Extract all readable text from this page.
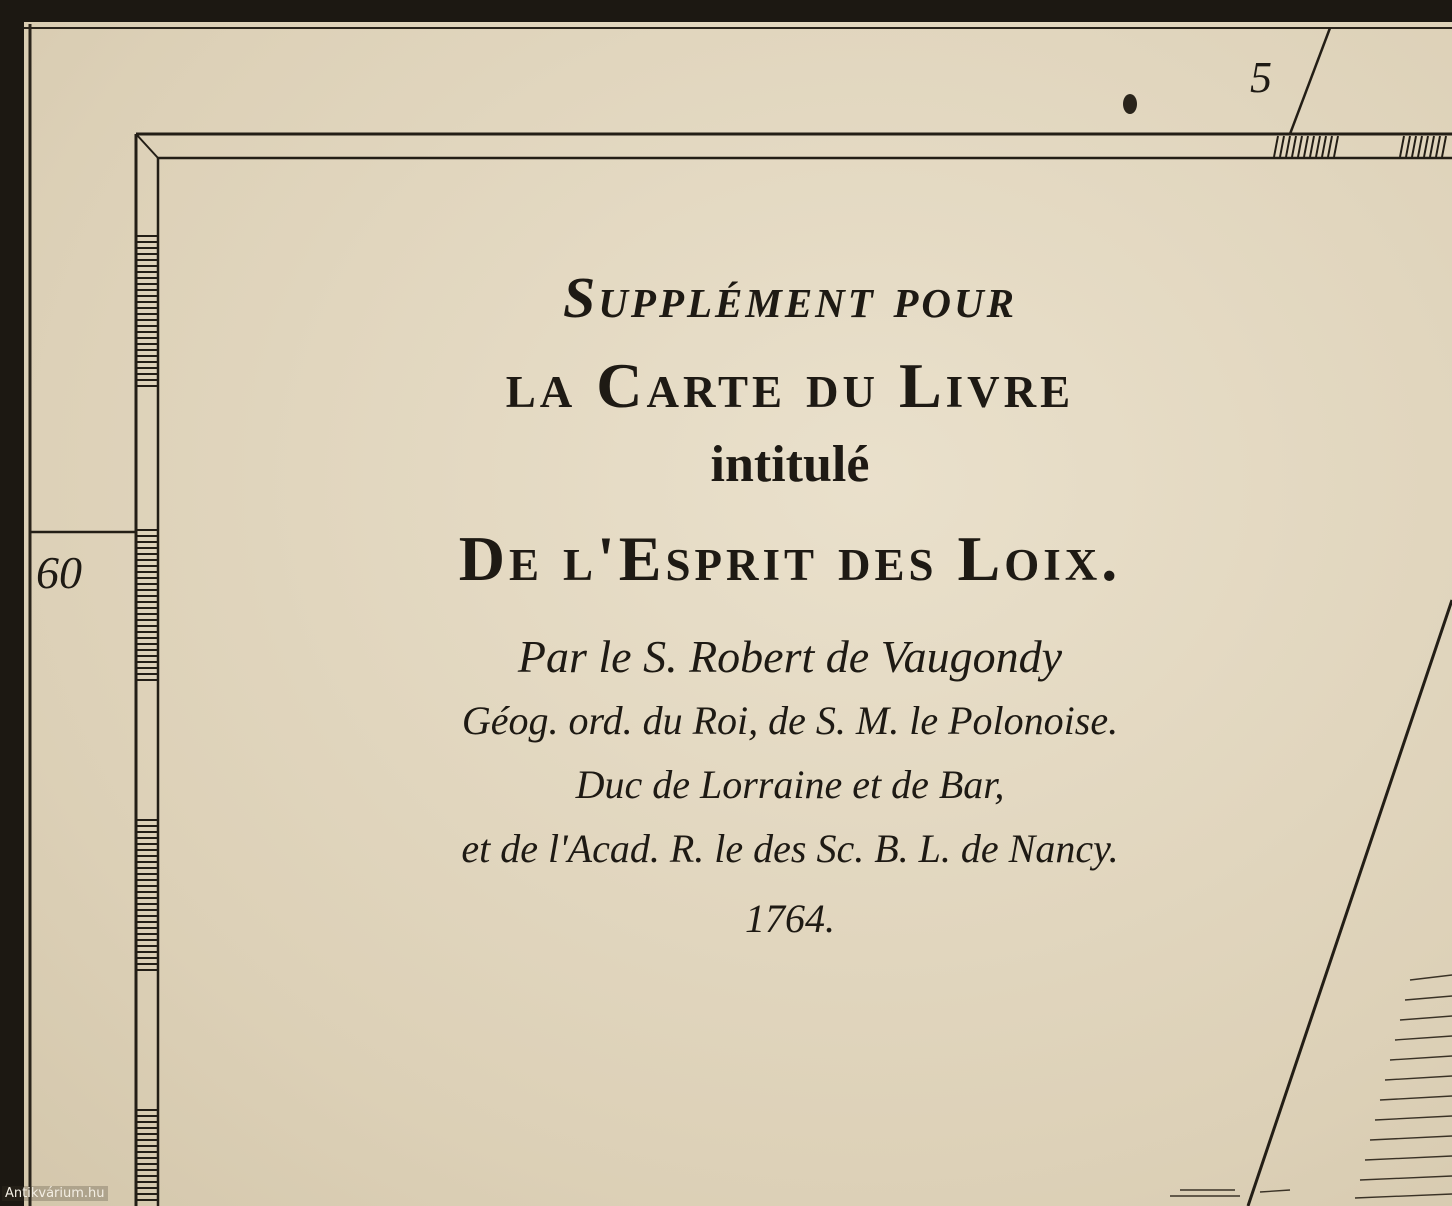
60
5

Supplément pour

la Carte du Livre

intitulé

De l'Esprit des Loix.

Par le S. Robert de Vaugondy

Géog. ord. du Roi, de S. M. le Polonoise.

Duc de Lorraine et de Bar,

et de l'Acad. R. le des Sc. B. L. de Nancy.

1764.

Antikvárium.hu
